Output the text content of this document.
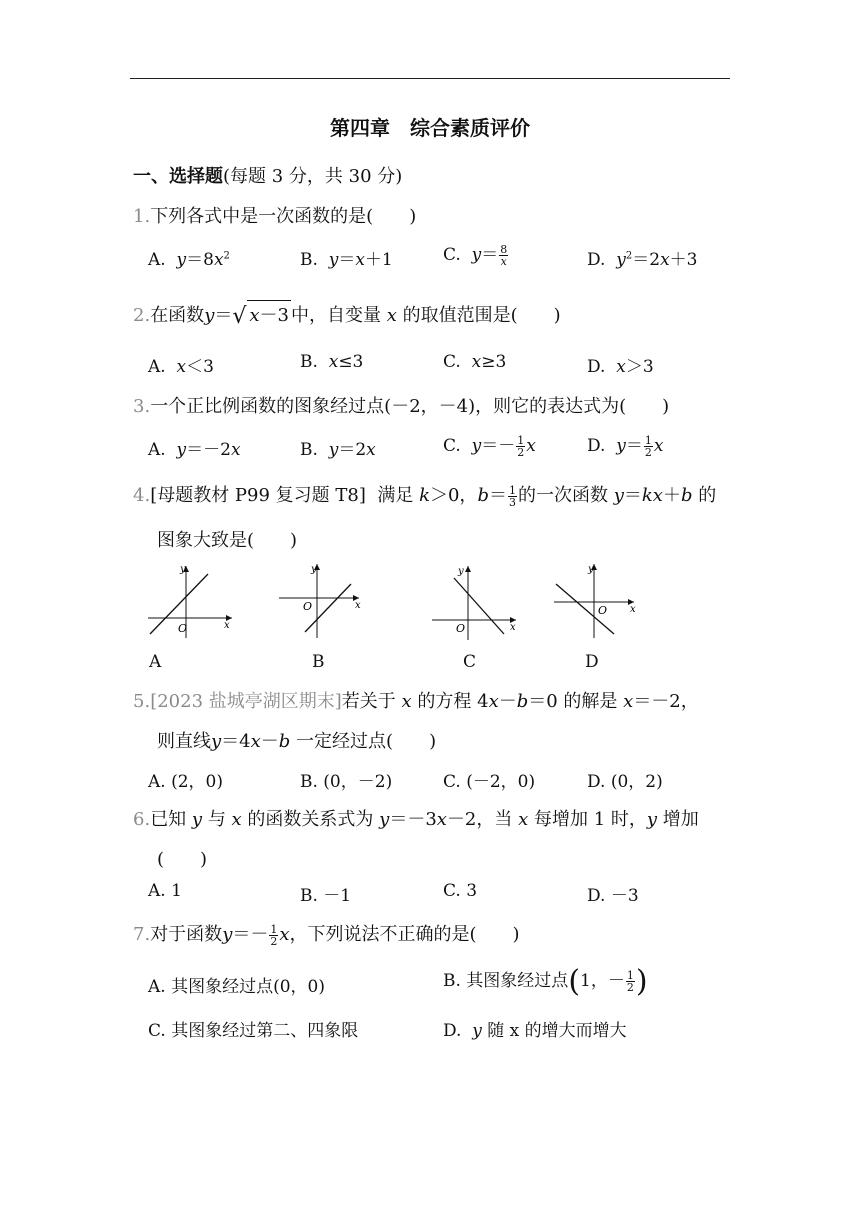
第四章　综合素质评价
一、选择题(每题 3 分，共 30 分)
1.下列各式中是一次函数的是(　　)
A. $y=8x^2$	B. y＝x＋1	C. $y= \frac{8}{x}$	D. $y^2=2x+3$
2.在函数y＝√ x－3 中，自变量 x 的取值范围是(　　)
A. x＜3	B. x≤3	C. x≥3	D. x＞3
3.一个正比例函数的图象经过点(－2，－4)，则它的表达式为(　　)
A. y＝－2x	B. y＝2x	C. $y=- \frac{1}{2}$ x	D. $y= \frac{1}{2}$ x
4.[母题教材 P99 复习题 T8] 满足 k＞0，$b= \frac{1}{3}$ 的一次函数 y＝kx＋b 的
图象大致是(　　)
y
O	x
y
O	x
y
O	x
y
O x
A	B	C	D
5.[2023 盐城亭湖区期末]若关于 x 的方程 4x－b＝0 的解是 x＝－2，
则直线y＝4x－b 一定经过点(　　)
A. (2，0)	B. (0，－2)	C. (－2，0)	D. (0，2)
6.已知 y 与 x 的函数关系式为 y＝－3x－2，当 x 每增加 1 时，y 增加
(　　)
A. 1	B. －1	C. 3	D. －3
7.对于函数$y=- \frac{1}{2}$ x，下列说法不正确的是(　　)
A. 其图象经过点(0，0)	B. 其图象经过点(1，－ $\frac{1}{2}$ )
C. 其图象经过第二、四象限	D. y 随 x 的增大而增大
